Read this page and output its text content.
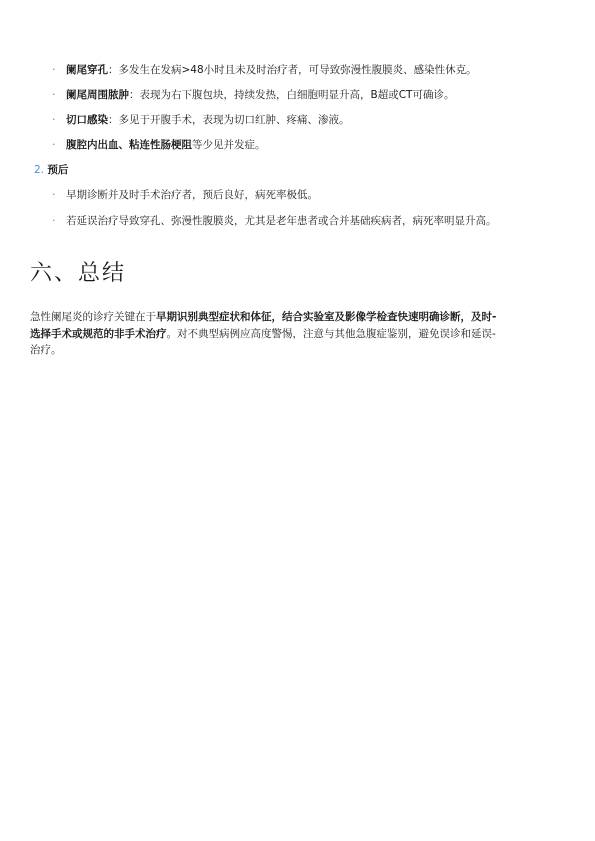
· 阑尾穿孔：多发生在发病>48小时且未及时治疗者，可导致弥漫性腹膜炎、感染性休克。
· 阑尾周围脓肿：表现为右下腹包块，持续发热，白细胞明显升高，B超或CT可确诊。
· 切口感染：多见于开腹手术，表现为切口红肿、疼痛、渗液。
· 腹腔内出血、粘连性肠梗阻等少见并发症。
2. 预后
· 早期诊断并及时手术治疗者，预后良好，病死率极低。
· 若延误治疗导致穿孔、弥漫性腹膜炎，尤其是老年患者或合并基础疾病者，病死率明显升高。
六、总结

急性阑尾炎的诊疗关键在于早期识别典型症状和体征，结合实验室及影像学检查快速明确诊断，及时-
选择手术或规范的非手术治疗。对不典型病例应高度警惕，注意与其他急腹症鉴别，避免误诊和延误-
治疗。
